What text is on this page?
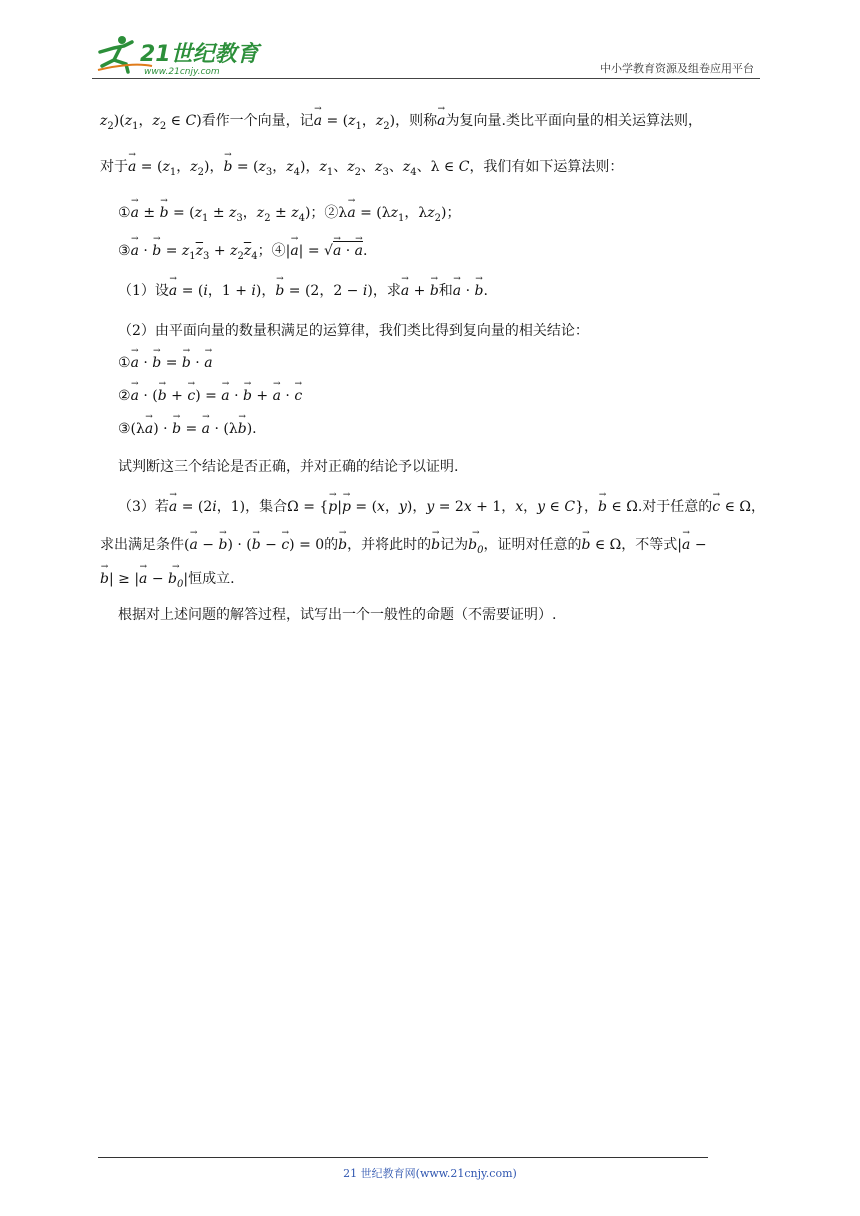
21世纪教育
www.21cnjy.com	中小学教育资源及组卷应用平台
$z_2)(z_1$，$z_2$ ∈ C)看作一个向量，记→ $a = (z_1$，$z_2$)，则称→ a为复向量.类比平面向量的相关运算法则，
对于→ $a = (z_1$，$z_2$)，→ $b = (z_3$，$z_4$)，$z_1$、$z_2$、$z_3$、$z_4$、λ ∈ C，我们有如下运算法则：
①→ a ± → $b = (z_1 \pm z_3$，$z_2 \pm z_4$)；②λ→ $a = (\lambda z_1$，$\lambda z_2$)；
③→ a · → $b = z_1\overline{z}_3 + z_2\overline{z}_4$；④|→ a| = √→ a · → a.
（1）设→ a = (i，1 + i)，→ b = (2，2 − i)，求→ a + → b和→ a · → b.
（2）由平面向量的数量积满足的运算律，我们类比得到复向量的相关结论：
①→ a · → b = → b · → a
②→ a · (→ b + → c) = → a · → b + → a · → c
③(λ→ a) · → b = → a · (λ→ b).
试判断这三个结论是否正确，并对正确的结论予以证明.
（3）若→ a = (2i，1)，集合Ω = {→ p|→ p = (x，y)，y = 2x + 1，x，y ∈ C}，→ b ∈ Ω.对于任意的→ c ∈ Ω，
求出满足条件(→ a − → b) · (→ b − → c) = 0的→ b，并将此时的→ b记为→ $b_0$，证明对任意的→ b ∈ Ω，不等式|→ a −
→ b| ≥ |→ a − → $b_0|$恒成立.
根据对上述问题的解答过程，试写出一个一般性的命题（不需要证明）.
21 世纪教育网(www.21cnjy.com)
